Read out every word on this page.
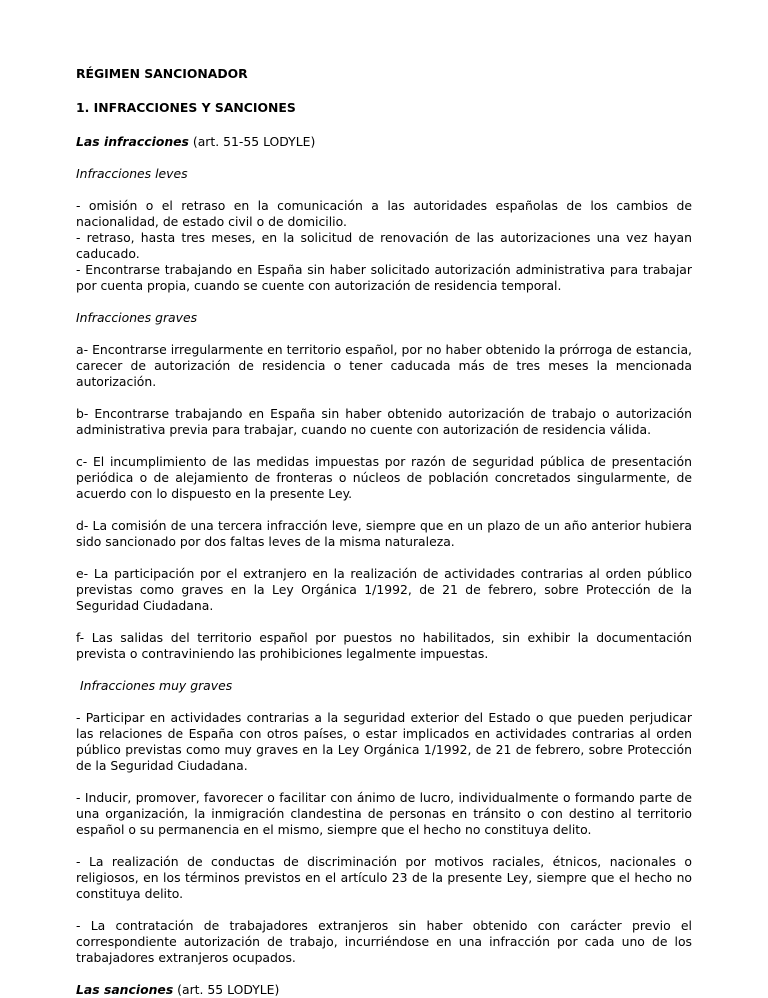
RÉGIMEN SANCIONADOR

1. INFRACCIONES Y SANCIONES

Las infracciones (art. 51-55 LODYLE)

Infracciones leves

- omisión o el retraso en la comunicación a las autoridades españolas de los cambios de nacionalidad, de estado civil o de domicilio.

- retraso, hasta tres meses, en la solicitud de renovación de las autorizaciones una vez hayan caducado.

- Encontrarse trabajando en España sin haber solicitado autorización administrativa para trabajar por cuenta propia, cuando se cuente con autorización de residencia temporal.

Infracciones graves

a- Encontrarse irregularmente en territorio español, por no haber obtenido la prórroga de estancia, carecer de autorización de residencia o tener caducada más de tres meses la mencionada autorización.

b- Encontrarse trabajando en España sin haber obtenido autorización de trabajo o autorización administrativa previa para trabajar, cuando no cuente con autorización de residencia válida.

c- El incumplimiento de las medidas impuestas por razón de seguridad pública de presentación periódica o de alejamiento de fronteras o núcleos de población concretados singularmente, de acuerdo con lo dispuesto en la presente Ley.

d- La comisión de una tercera infracción leve, siempre que en un plazo de un año anterior hubiera sido sancionado por dos faltas leves de la misma naturaleza.

e- La participación por el extranjero en la realización de actividades contrarias al orden público previstas como graves en la Ley Orgánica 1/1992, de 21 de febrero, sobre Protección de la Seguridad Ciudadana.

f- Las salidas del territorio español por puestos no habilitados, sin exhibir la documentación prevista o contraviniendo las prohibiciones legalmente impuestas.

Infracciones muy graves

- Participar en actividades contrarias a la seguridad exterior del Estado o que pueden perjudicar las relaciones de España con otros países, o estar implicados en actividades contrarias al orden público previstas como muy graves en la Ley Orgánica 1/1992, de 21 de febrero, sobre Protección de la Seguridad Ciudadana.

- Inducir, promover, favorecer o facilitar con ánimo de lucro, individualmente o formando parte de una organización, la inmigración clandestina de personas en tránsito o con destino al territorio español o su permanencia en el mismo, siempre que el hecho no constituya delito.

- La realización de conductas de discriminación por motivos raciales, étnicos, nacionales o religiosos, en los términos previstos en el artículo 23 de la presente Ley, siempre que el hecho no constituya delito.

- La contratación de trabajadores extranjeros sin haber obtenido con carácter previo el correspondiente autorización de trabajo, incurriéndose en una infracción por cada uno de los trabajadores extranjeros ocupados.

Las sanciones (art. 55 LODYLE)
